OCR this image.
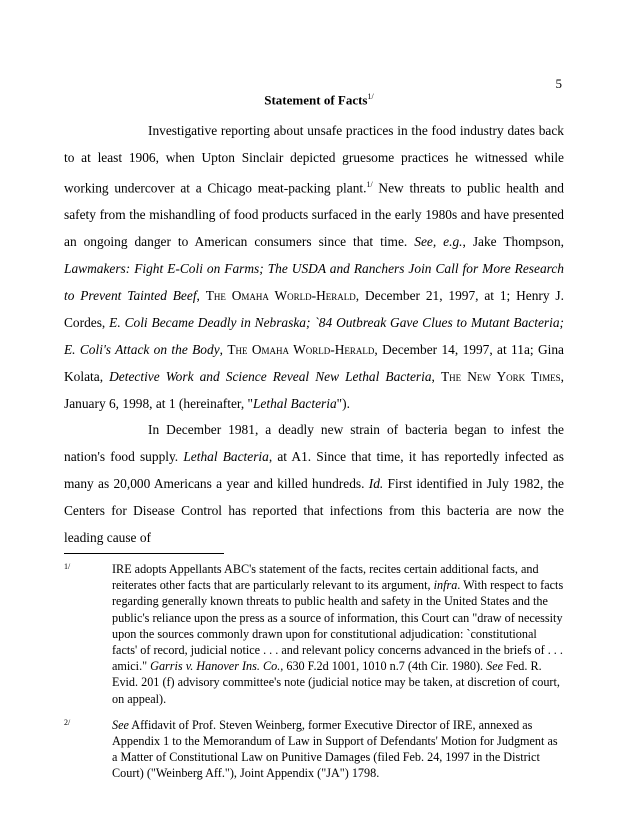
5
Statement of Facts$^{1/}$

Investigative reporting about unsafe practices in the food industry dates back to at least 1906, when Upton Sinclair depicted gruesome practices he witnessed while working undercover at a Chicago meat-packing plant.$^{1/}$ New threats to public health and safety from the mishandling of food products surfaced in the early 1980s and have presented an ongoing danger to American consumers since that time. See, e.g., Jake Thompson, Lawmakers: Fight E-Coli on Farms; The USDA and Ranchers Join Call for More Research to Prevent Tainted Beef, The Omaha World-Herald, December 21, 1997, at 1; Henry J. Cordes, E. Coli Became Deadly in Nebraska; `84 Outbreak Gave Clues to Mutant Bacteria; E. Coli's Attack on the Body, The Omaha World-Herald, December 14, 1997, at 11a; Gina Kolata, Detective Work and Science Reveal New Lethal Bacteria, The New York Times, January 6, 1998, at 1 (hereinafter, "Lethal Bacteria").

In December 1981, a deadly new strain of bacteria began to infest the nation's food supply. Lethal Bacteria, at A1. Since that time, it has reportedly infected as many as 20,000 Americans a year and killed hundreds. Id. First identified in July 1982, the Centers for Disease Control has reported that infections from this bacteria are now the leading cause of

1/	IRE adopts Appellants ABC's statement of the facts, recites certain additional facts, and reiterates other facts that are particularly relevant to its argument, infra. With respect to facts regarding generally known threats to public health and safety in the United States and the public's reliance upon the press as a source of information, this Court can "draw of necessity upon the sources commonly drawn upon for constitutional adjudication: `constitutional facts' of record, judicial notice . . . and relevant policy concerns advanced in the briefs of . . . amici." Garris v. Hanover Ins. Co., 630 F.2d 1001, 1010 n.7 (4th Cir. 1980). See Fed. R. Evid. 201 (f) advisory committee's note (judicial notice may be taken, at discretion of court, on appeal).
2/	See Affidavit of Prof. Steven Weinberg, former Executive Director of IRE, annexed as Appendix 1 to the Memorandum of Law in Support of Defendants' Motion for Judgment as a Matter of Constitutional Law on Punitive Damages (filed Feb. 24, 1997 in the District Court) ("Weinberg Aff."), Joint Appendix ("JA") 1798.
